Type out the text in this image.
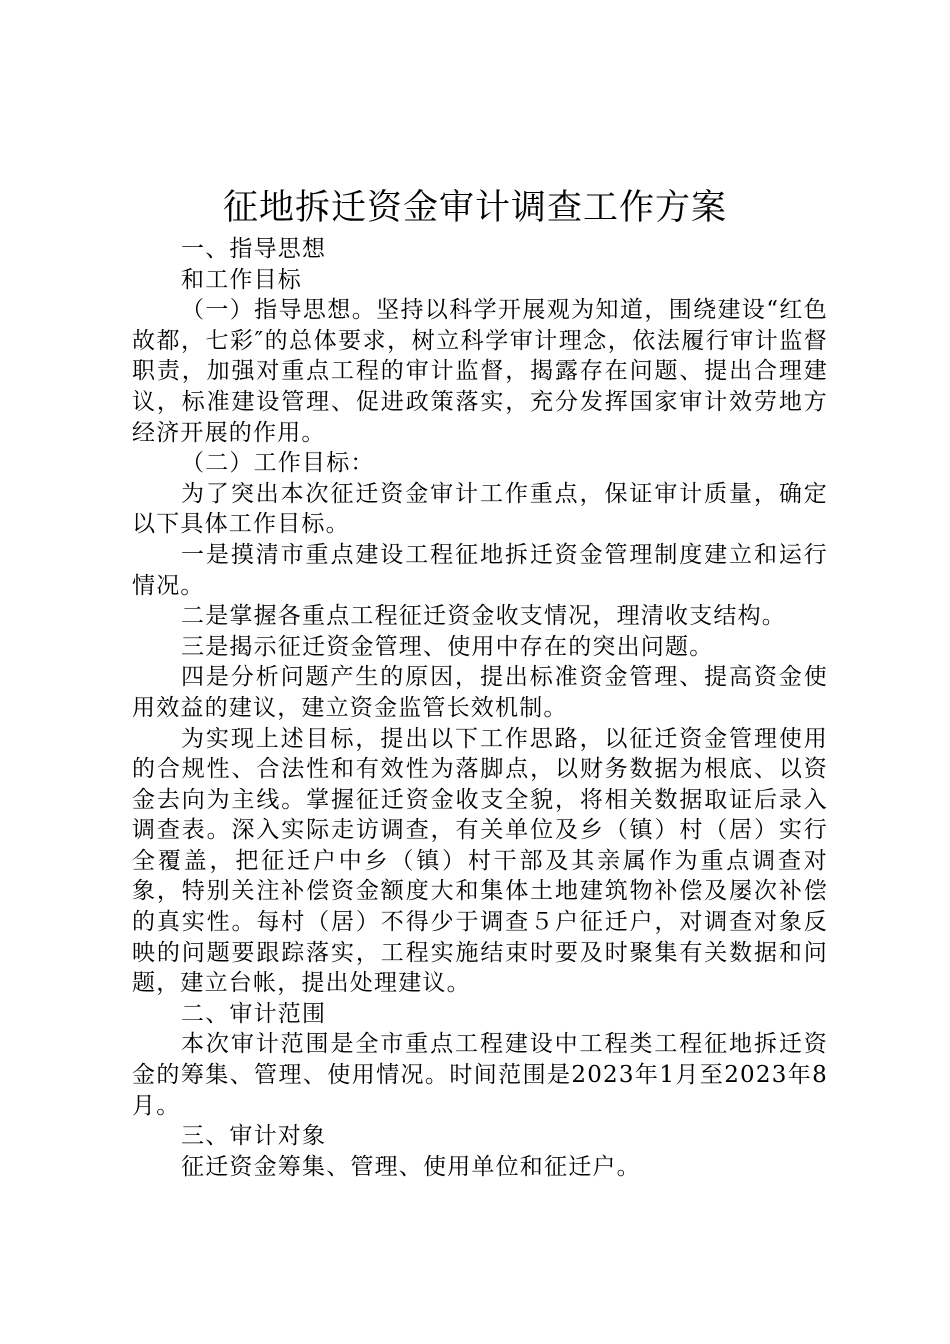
征地拆迁资金审计调查工作方案

一、指导思想

和工作目标

（一）指导思想。坚持以科学开展观为知道，围绕建设“红色故都，七彩″的总体要求，树立科学审计理念，依法履行审计监督职责，加强对重点工程的审计监督，揭露存在问题、提出合理建议，标准建设管理、促进政策落实，充分发挥国家审计效劳地方经济开展的作用。

（二）工作目标：

为了突出本次征迁资金审计工作重点，保证审计质量，确定以下具体工作目标。

一是摸清市重点建设工程征地拆迁资金管理制度建立和运行情况。

二是掌握各重点工程征迁资金收支情况，理清收支结构。

三是揭示征迁资金管理、使用中存在的突出问题。

四是分析问题产生的原因，提出标准资金管理、提高资金使用效益的建议，建立资金监管长效机制。

为实现上述目标，提出以下工作思路，以征迁资金管理使用的合规性、合法性和有效性为落脚点，以财务数据为根底、以资金去向为主线。掌握征迁资金收支全貌，将相关数据取证后录入调查表。深入实际走访调查，有关单位及乡（镇）村（居）实行全覆盖，把征迁户中乡（镇）村干部及其亲属作为重点调查对象，特别关注补偿资金额度大和集体土地建筑物补偿及屡次补偿的真实性。每村（居）不得少于调查５户征迁户，对调查对象反映的问题要跟踪落实，工程实施结束时要及时聚集有关数据和问题，建立台帐，提出处理建议。

二、审计范围

本次审计范围是全市重点工程建设中工程类工程征地拆迁资金的筹集、管理、使用情况。时间范围是2023年1月至2023年8月。

三、审计对象

征迁资金筹集、管理、使用单位和征迁户。
